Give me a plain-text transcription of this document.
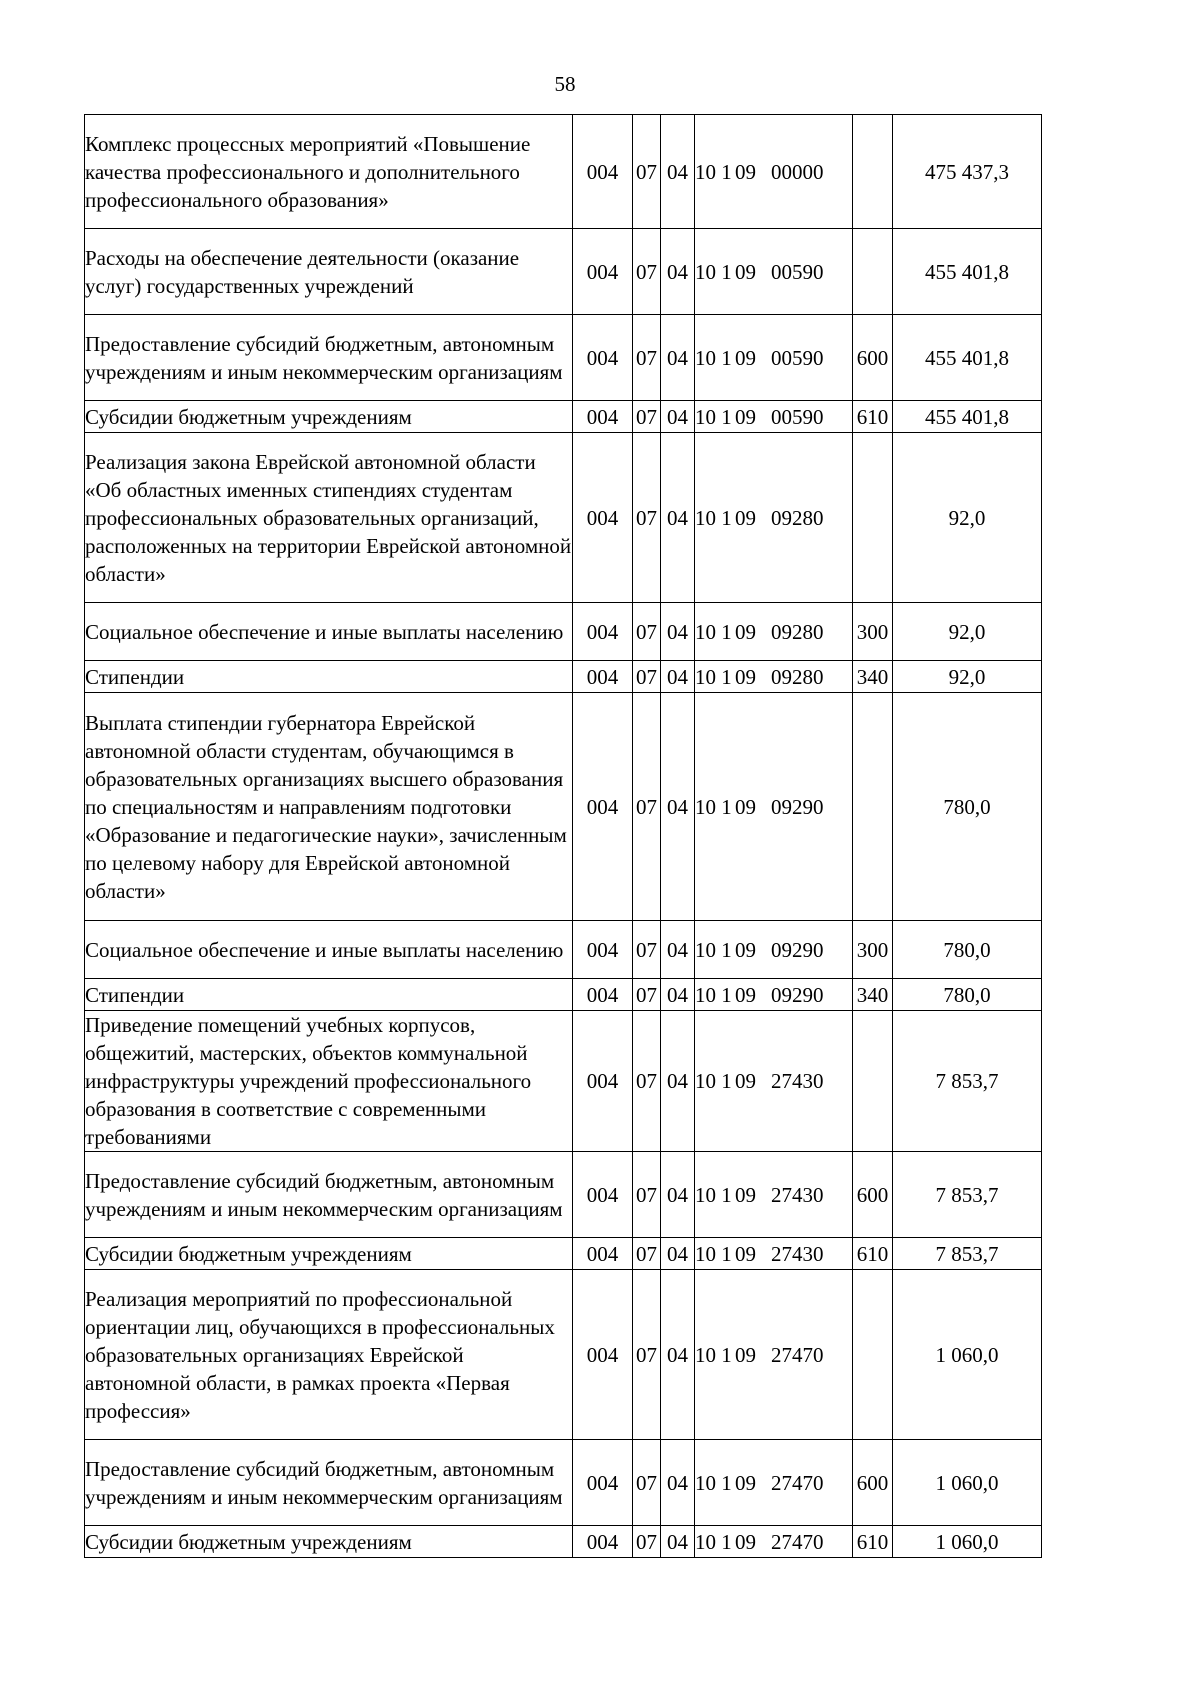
58
Комплекс процессных мероприятий «Повышение качества профессионального и дополнительного профессионального образования»	004	07	04	10 1 09 00000		475 437,3
Расходы на обеспечение деятельности (оказание услуг) государственных учреждений	004	07	04	10 1 09 00590		455 401,8
Предоставление субсидий бюджетным, автономным учреждениям и иным некоммерческим организациям	004	07	04	10 1 09 00590	600	455 401,8
Субсидии бюджетным учреждениям	004	07	04	10 1 09 00590	610	455 401,8
Реализация закона Еврейской автономной области «Об областных именных стипендиях студентам профессиональных образовательных организаций, расположенных на территории Еврейской автономной области»	004	07	04	10 1 09 09280		92,0
Социальное обеспечение и иные выплаты населению	004	07	04	10 1 09 09280	300	92,0
Стипендии	004	07	04	10 1 09 09280	340	92,0
Выплата стипендии губернатора Еврейской автономной области студентам, обучающимся в образовательных организациях высшего образования по специальностям и направлениям подготовки «Образование и педагогические науки», зачисленным по целевому набору для Еврейской автономной области»	004	07	04	10 1 09 09290		780,0
Социальное обеспечение и иные выплаты населению	004	07	04	10 1 09 09290	300	780,0
Стипендии	004	07	04	10 1 09 09290	340	780,0
Приведение помещений учебных корпусов, общежитий, мастерских, объектов коммунальной инфраструктуры учреждений профессионального образования в соответствие с современными требованиями	004	07	04	10 1 09 27430		7 853,7
Предоставление субсидий бюджетным, автономным учреждениям и иным некоммерческим организациям	004	07	04	10 1 09 27430	600	7 853,7
Субсидии бюджетным учреждениям	004	07	04	10 1 09 27430	610	7 853,7
Реализация мероприятий по профессиональной ориентации лиц, обучающихся в профессиональных образовательных организациях Еврейской автономной области, в рамках проекта «Первая профессия»	004	07	04	10 1 09 27470		1 060,0
Предоставление субсидий бюджетным, автономным учреждениям и иным некоммерческим организациям	004	07	04	10 1 09 27470	600	1 060,0
Субсидии бюджетным учреждениям	004	07	04	10 1 09 27470	610	1 060,0
